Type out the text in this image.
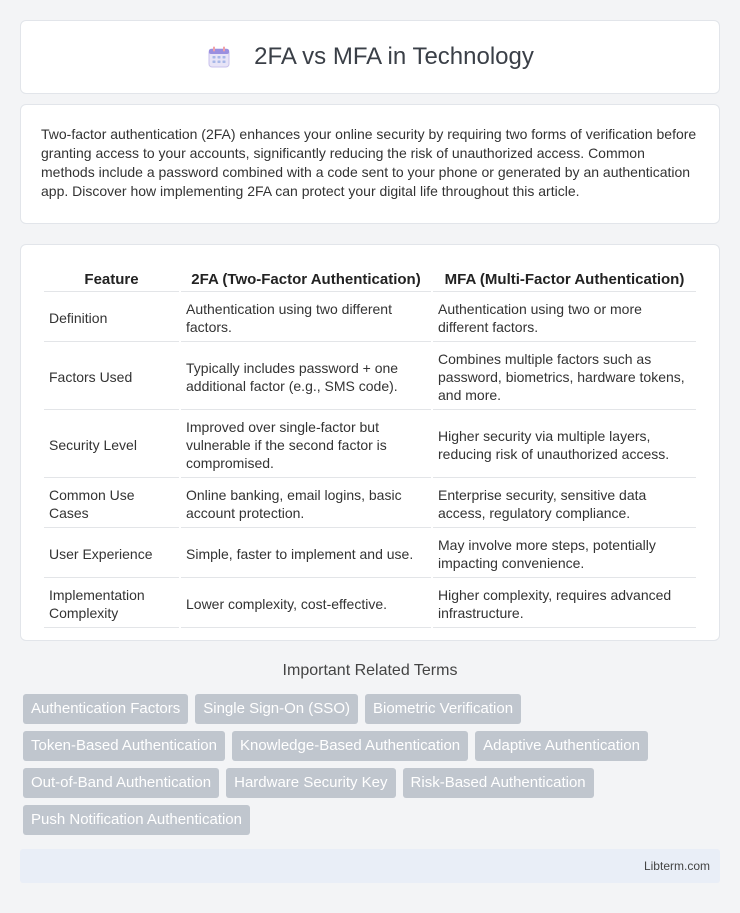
2FA vs MFA in Technology

Two-factor authentication (2FA) enhances your online security by requiring two forms of verification before granting access to your accounts, significantly reducing the risk of unauthorized access. Common methods include a password combined with a code sent to your phone or generated by an authentication app. Discover how implementing 2FA can protect your digital life throughout this article.

Feature	2FA (Two-Factor Authentication)	MFA (Multi-Factor Authentication)
Definition	Authentication using two different factors.	Authentication using two or more different factors.
Factors Used	Typically includes password + one additional factor (e.g., SMS code).	Combines multiple factors such as password, biometrics, hardware tokens, and more.
Security Level	Improved over single-factor but vulnerable if the second factor is compromised.	Higher security via multiple layers, reducing risk of unauthorized access.
Common Use Cases	Online banking, email logins, basic account protection.	Enterprise security, sensitive data access, regulatory compliance.
User Experience	Simple, faster to implement and use.	May involve more steps, potentially impacting convenience.
Implementation Complexity	Lower complexity, cost-effective.	Higher complexity, requires advanced infrastructure.
Important Related Terms
Authentication Factors	Single Sign-On (SSO)	Biometric Verification
Token-Based Authentication	Knowledge-Based Authentication	Adaptive Authentication
Out-of-Band Authentication	Hardware Security Key	Risk-Based Authentication
Push Notification Authentication
Libterm.com
